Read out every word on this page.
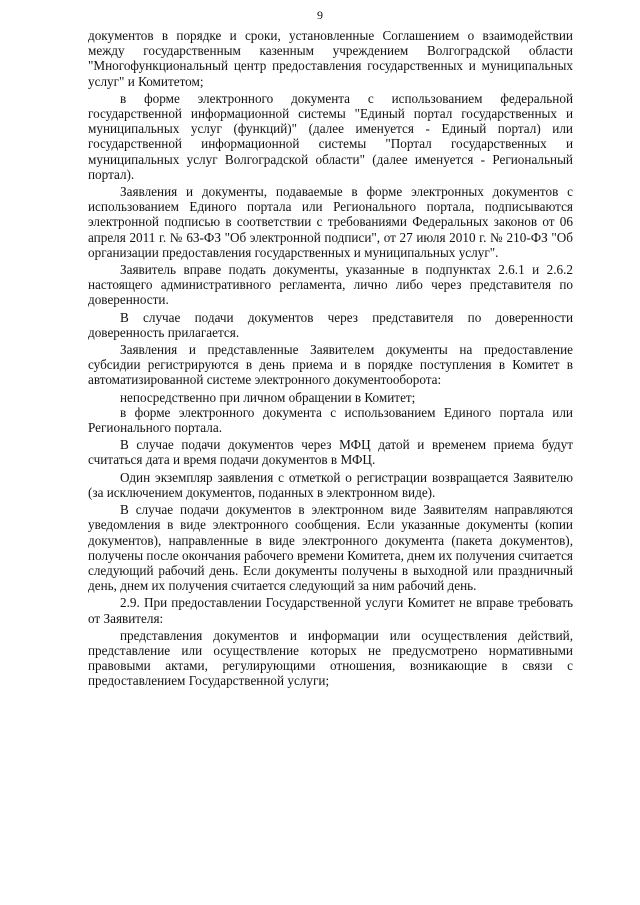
9

документов в порядке и сроки, установленные Соглашением о взаимодействии между государственным казенным учреждением Волгоградской области "Многофункциональный центр предоставления государственных и муниципальных услуг" и Комитетом;

в форме электронного документа с использованием федеральной государственной информационной системы "Единый портал государственных и муниципальных услуг (функций)" (далее именуется - Единый портал) или государственной информационной системы "Портал государственных и муниципальных услуг Волгоградской области" (далее именуется - Региональный портал).

Заявления и документы, подаваемые в форме электронных документов с использованием Единого портала или Регионального портала, подписываются электронной подписью в соответствии с требованиями Федеральных законов от 06 апреля 2011 г. № 63-ФЗ "Об электронной подписи", от 27 июля 2010 г. № 210-ФЗ "Об организации предоставления государственных и муниципальных услуг".

Заявитель вправе подать документы, указанные в подпунктах 2.6.1 и 2.6.2 настоящего административного регламента, лично либо через представителя по доверенности.

В случае подачи документов через представителя по доверенности доверенность прилагается.

Заявления и представленные Заявителем документы на предоставление субсидии регистрируются в день приема и в порядке поступления в Комитет в автоматизированной системе электронного документооборота:

непосредственно при личном обращении в Комитет;

в форме электронного документа с использованием Единого портала или Регионального портала.

В случае подачи документов через МФЦ датой и временем приема будут считаться дата и время подачи документов в МФЦ.

Один экземпляр заявления с отметкой о регистрации возвращается Заявителю (за исключением документов, поданных в электронном виде).

В случае подачи документов в электронном виде Заявителям направляются уведомления в виде электронного сообщения. Если указанные документы (копии документов), направленные в виде электронного документа (пакета документов), получены после окончания рабочего времени Комитета, днем их получения считается следующий рабочий день. Если документы получены в выходной или праздничный день, днем их получения считается следующий за ним рабочий день.

2.9. При предоставлении Государственной услуги Комитет не вправе требовать от Заявителя:

представления документов и информации или осуществления действий, представление или осуществление которых не предусмотрено нормативными правовыми актами, регулирующими отношения, возникающие в связи с предоставлением Государственной услуги;
